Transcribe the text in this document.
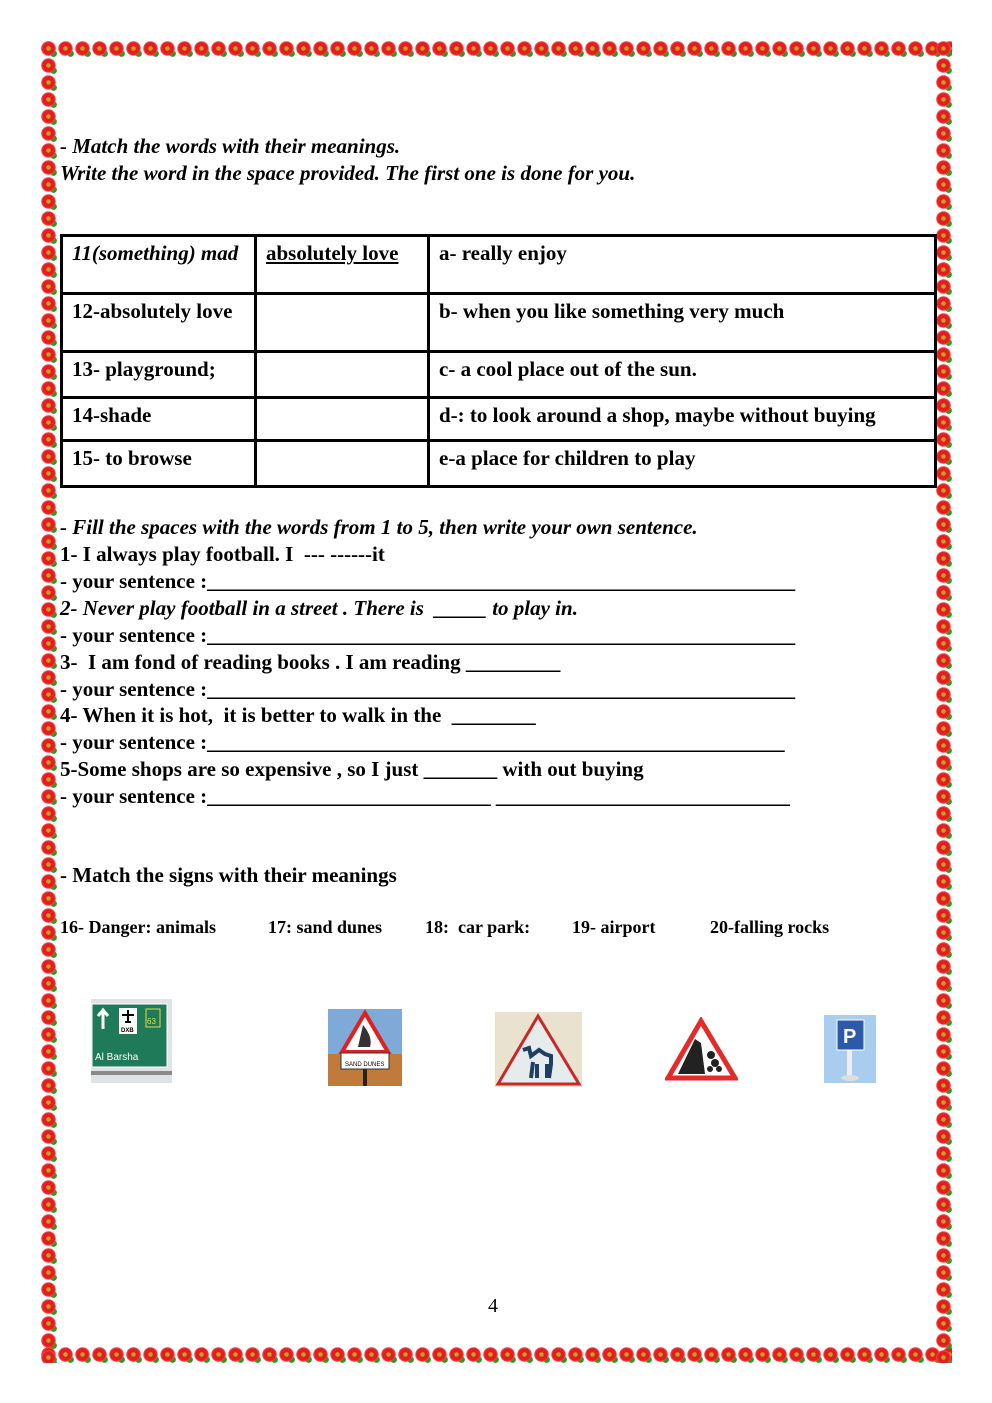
- Match the words with their meanings.
Write the word in the space provided. The first one is done for you.
11(something) mad	absolutely love	a- really enjoy
12-absolutely love		b- when you like something very much
13- playground;		c- a cool place out of the sun.
14-shade		d-: to look around a shop, maybe without buying
15- to browse		e-a place for children to play
- Fill the spaces with the words from 1 to 5, then write your own sentence.
1- I always play football. I  --- ------it
- your sentence :________________________________________________________
2- Never play football in a street . There is  _____ to play in.
- your sentence :________________________________________________________
3-  I am fond of reading books . I am reading _________
- your sentence :________________________________________________________
4- When it is hot,  it is better to walk in the  ________
- your sentence :_______________________________________________________
5-Some shops are so expensive , so I just _______ with out buying
- your sentence :___________________________ ____________________________
- Match the signs with their meanings
16- Danger: animals	17: sand dunes 18:  car park: 19- airport	20-falling rocks
DXB
63
Al Barsha
SAND DUNES
P
4
